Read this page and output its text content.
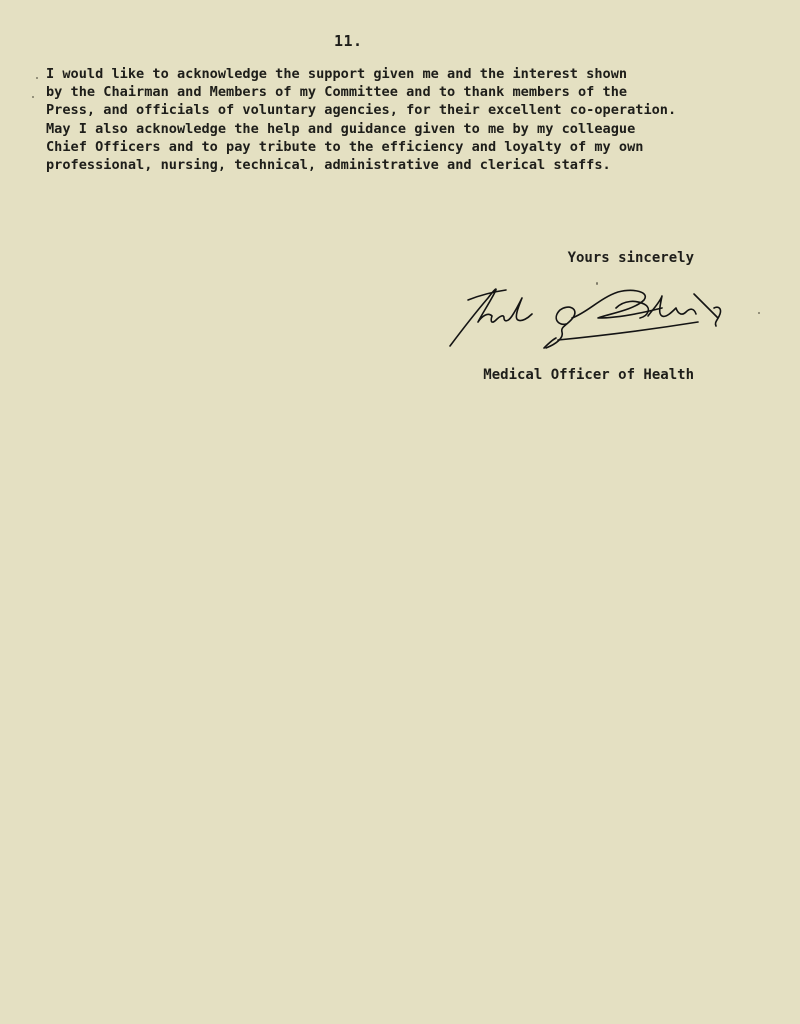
11.
I would like to acknowledge the support given me and the interest shown
by the Chairman and Members of my Committee and to thank members of the
Press, and officials of voluntary agencies, for their excellent co-operation.
May I also acknowledge the help and guidance given to me by my colleague
Chief Officers and to pay tribute to the efficiency and loyalty of my own
professional, nursing, technical, administrative and clerical staffs.
Yours sincerely
Medical Officer of Health
